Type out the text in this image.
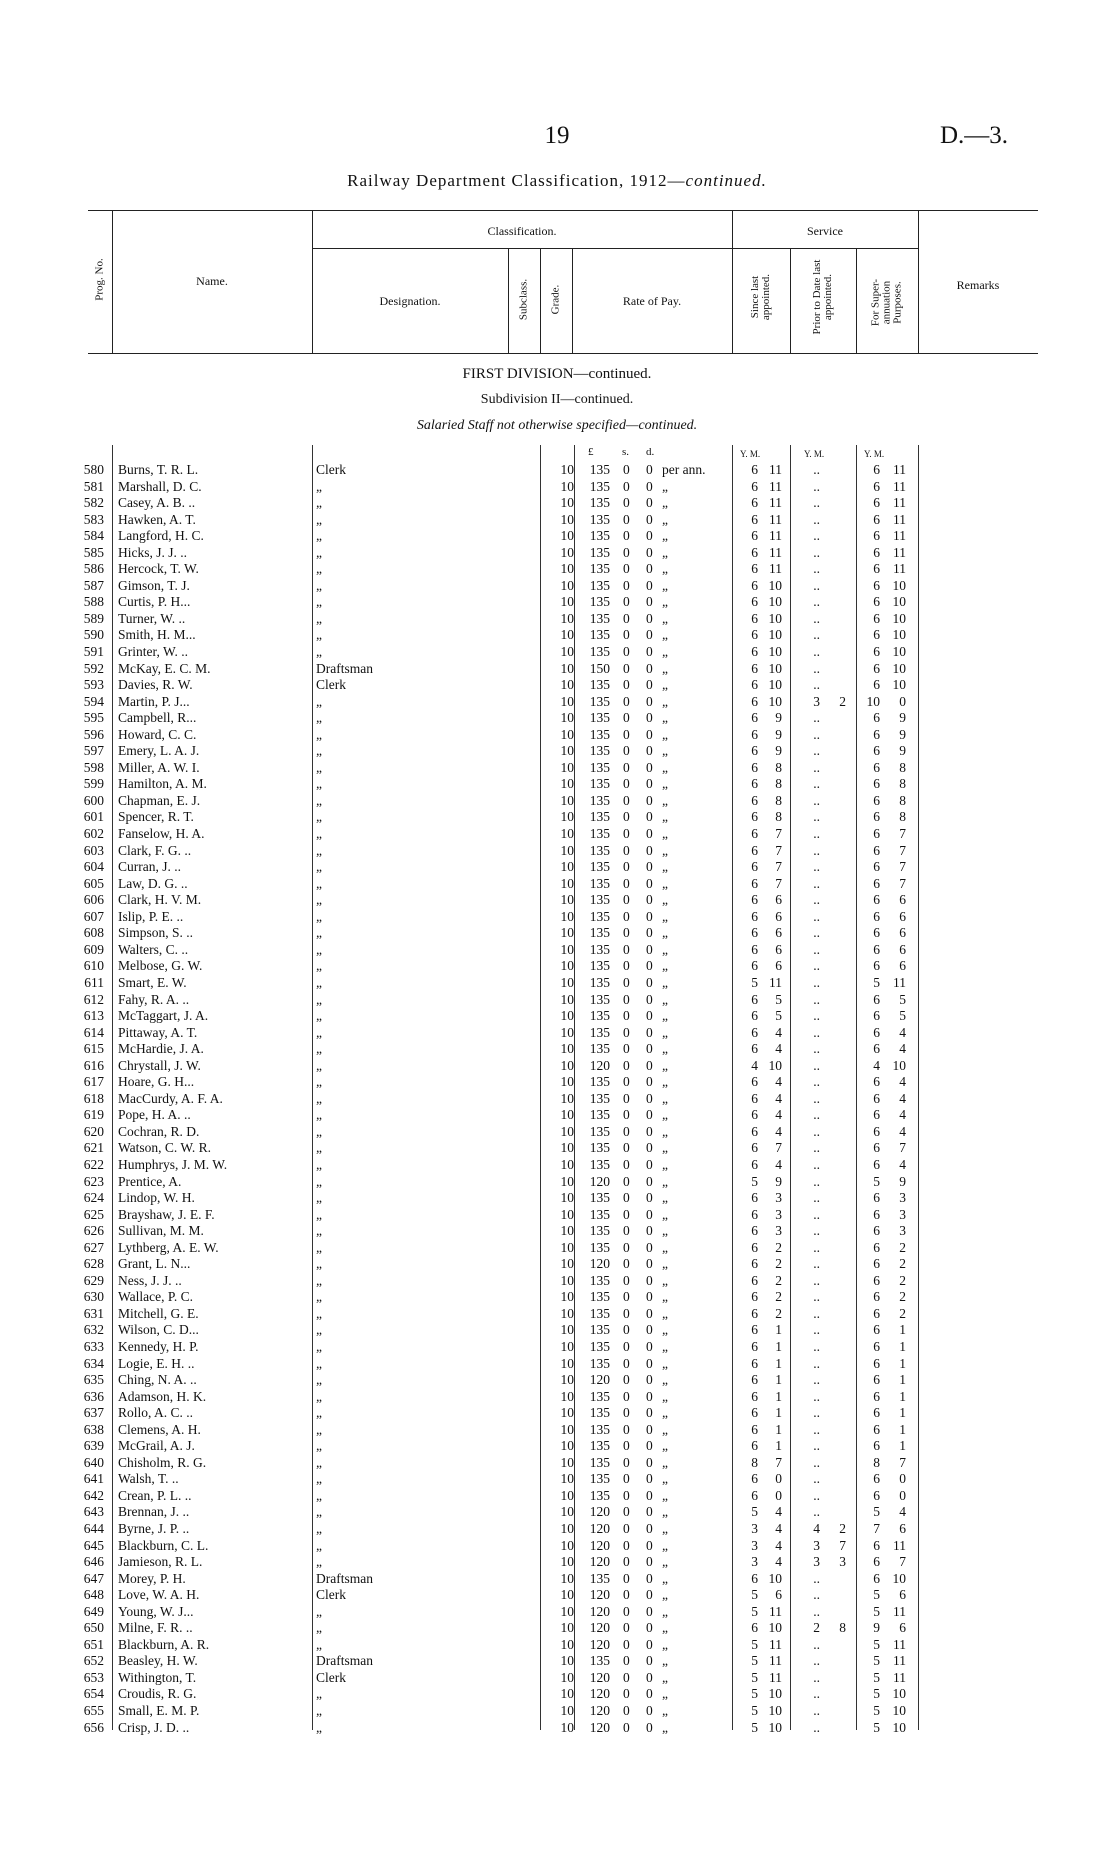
19	D.—3.
Railway Department Classification, 1912—continued.
Prog. No.	Name.
Classification.
Designation.	Subclass. Grade.	Rate of Pay.
Service
Since last appointed.	Prior to Date last appointed.	For Super- annuation Purposes.	Remarks
FIRST DIVISION—continued.
Subdivision II—continued.
Salaried Staff not otherwise specified—continued.
£	s. d.	Y. M.	Y. M.	Y. M.
580 Burns, T. R. L.	Clerk	10	135 0 0 per ann.	6 11	..	6 11
581 Marshall, D. C.	„	10	135 0 0 „	6 11	..	6 11
582 Casey, A. B. ..	„	10	135 0 0 „	6 11	..	6 11
583 Hawken, A. T.	„	10	135 0 0 „	6 11	..	6 11
584 Langford, H. C.	„	10	135 0 0 „	6 11	..	6 11
585 Hicks, J. J. ..	„	10	135 0 0 „	6 11	..	6 11
586 Hercock, T. W.	„	10	135 0 0 „	6 11	..	6 11
587 Gimson, T. J.	„	10	135 0 0 „	6 10	..	6 10
588 Curtis, P. H...	„	10	135 0 0 „	6 10	..	6 10
589 Turner, W. ..	„	10	135 0 0 „	6 10	..	6 10
590 Smith, H. M...	„	10	135 0 0 „	6 10	..	6 10
591 Grinter, W. ..	„	10	135 0 0 „	6 10	..	6 10
592 McKay, E. C. M.	Draftsman	10	150 0 0 „	6 10	..	6 10
593 Davies, R. W.	Clerk	10	135 0 0 „	6 10	..	6 10
594 Martin, P. J...	„	10	135 0 0 „	6 10	3	2	10	0
595 Campbell, R...	„	10	135 0 0 „	6	9	..	6	9
596 Howard, C. C.	„	10	135 0 0 „	6	9	..	6	9
597 Emery, L. A. J.	„	10	135 0 0 „	6	9	..	6	9
598 Miller, A. W. I.	„	10	135 0 0 „	6	8	..	6	8
599 Hamilton, A. M.	„	10	135 0 0 „	6	8	..	6	8
600 Chapman, E. J.	„	10	135 0 0 „	6	8	..	6	8
601 Spencer, R. T.	„	10	135 0 0 „	6	8	..	6	8
602 Fanselow, H. A.	„	10	135 0 0 „	6	7	..	6	7
603 Clark, F. G. ..	„	10	135 0 0 „	6	7	..	6	7
604 Curran, J. ..	„	10	135 0 0 „	6	7	..	6	7
605 Law, D. G. ..	„	10	135 0 0 „	6	7	..	6	7
606 Clark, H. V. M.	„	10	135 0 0 „	6	6	..	6	6
607 Islip, P. E. ..	„	10	135 0 0 „	6	6	..	6	6
608 Simpson, S. ..	„	10	135 0 0 „	6	6	..	6	6
609 Walters, C. ..	„	10	135 0 0 „	6	6	..	6	6
610 Melbose, G. W.	„	10	135 0 0 „	6	6	..	6	6
611 Smart, E. W.	„	10	135 0 0 „	5 11	..	5 11
612 Fahy, R. A. ..	„	10	135 0 0 „	6	5	..	6	5
613 McTaggart, J. A.	„	10	135 0 0 „	6	5	..	6	5
614 Pittaway, A. T.	„	10	135 0 0 „	6	4	..	6	4
615 McHardie, J. A.	„	10	135 0 0 „	6	4	..	6	4
616 Chrystall, J. W.	„	10	120 0 0 „	4 10	..	4 10
617 Hoare, G. H...	„	10	135 0 0 „	6	4	..	6	4
618 MacCurdy, A. F. A.	„	10	135 0 0 „	6	4	..	6	4
619 Pope, H. A. ..	„	10	135 0 0 „	6	4	..	6	4
620 Cochran, R. D.	„	10	135 0 0 „	6	4	..	6	4
621 Watson, C. W. R.	„	10	135 0 0 „	6	7	..	6	7
622 Humphrys, J. M. W.	„	10	135 0 0 „	6	4	..	6	4
623 Prentice, A.	„	10	120 0 0 „	5	9	..	5	9
624 Lindop, W. H.	„	10	135 0 0 „	6	3	..	6	3
625 Brayshaw, J. E. F.	„	10	135 0 0 „	6	3	..	6	3
626 Sullivan, M. M.	„	10	135 0 0 „	6	3	..	6	3
627 Lythberg, A. E. W.	„	10	135 0 0 „	6	2	..	6	2
628 Grant, L. N...	„	10	120 0 0 „	6	2	..	6	2
629 Ness, J. J. ..	„	10	135 0 0 „	6	2	..	6	2
630 Wallace, P. C.	„	10	135 0 0 „	6	2	..	6	2
631 Mitchell, G. E.	„	10	135 0 0 „	6	2	..	6	2
632 Wilson, C. D...	„	10	135 0 0 „	6	1	..	6	1
633 Kennedy, H. P.	„	10	135 0 0 „	6	1	..	6	1
634 Logie, E. H. ..	„	10	135 0 0 „	6	1	..	6	1
635 Ching, N. A. ..	„	10	120 0 0 „	6	1	..	6	1
636 Adamson, H. K.	„	10	135 0 0 „	6	1	..	6	1
637 Rollo, A. C. ..	„	10	135 0 0 „	6	1	..	6	1
638 Clemens, A. H.	„	10	135 0 0 „	6	1	..	6	1
639 McGrail, A. J.	„	10	135 0 0 „	6	1	..	6	1
640 Chisholm, R. G.	„	10	135 0 0 „	8	7	..	8	7
641 Walsh, T. ..	„	10	135 0 0 „	6	0	..	6	0
642 Crean, P. L. ..	„	10	135 0 0 „	6	0	..	6	0
643 Brennan, J. ..	„	10	120 0 0 „	5	4	..	5	4
644 Byrne, J. P. ..	„	10	120 0 0 „	3	4	4	2	7	6
645 Blackburn, C. L.	„	10	120 0 0 „	3	4	3	7	6 11
646 Jamieson, R. L.	„	10	120 0 0 „	3	4	3	3	6	7
647 Morey, P. H.	Draftsman	10	135 0 0 „	6 10	..	6 10
648 Love, W. A. H.	Clerk	10	120 0 0 „	5	6	..	5	6
649 Young, W. J...	„	10	120 0 0 „	5 11	..	5 11
650 Milne, F. R. ..	„	10	120 0 0 „	6 10	2	8	9	6
651 Blackburn, A. R.	„	10	120 0 0 „	5 11	..	5 11
652 Beasley, H. W.	Draftsman	10	135 0 0 „	5 11	..	5 11
653 Withington, T.	Clerk	10	120 0 0 „	5 11	..	5 11
654 Croudis, R. G.	„	10	120 0 0 „	5 10	..	5 10
655 Small, E. M. P.	„	10	120 0 0 „	5 10	..	5 10
656 Crisp, J. D. ..	„	10	120 0 0 „	5 10	..	5 10
